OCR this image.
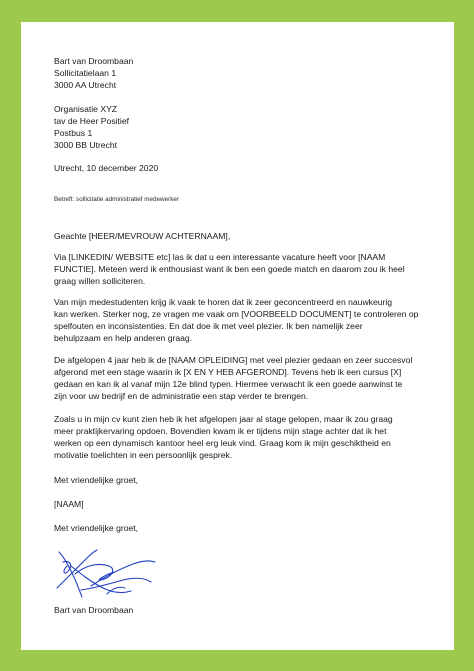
Bart van Droombaan
Sollicitatielaan 1
3000 AA Utrecht
Organisatie XYZ
tav de Heer Positief
Postbus 1
3000 BB Utrecht
Utrecht, 10 december 2020
Betreft: sollicitatie administratief medewerker
Geachte [HEER/MEVROUW ACHTERNAAM],
Via [LINKEDIN/ WEBSITE etc] las ik dat u een interessante vacature heeft voor [NAAM
FUNCTIE]. Meteen werd ik enthousiast want ik ben een goede match en daarom zou ik heel
graag willen solliciteren.
Van mijn medestudenten krijg ik vaak te horen dat ik zeer geconcentreerd en nauwkeurig
kan werken. Sterker nog, ze vragen me vaak om [VOORBEELD DOCUMENT] te controleren op
spelfouten en inconsistenties. En dat doe ik met veel plezier. Ik ben namelijk zeer
behulpzaam en help anderen graag.
De afgelopen 4 jaar heb ik de [NAAM OPLEIDING] met veel plezier gedaan en zeer succesvol
afgerond met een stage waarin ik [X EN Y HEB AFGEROND]. Tevens heb ik een cursus [X]
gedaan en kan ik al vanaf mijn 12e blind typen. Hiermee verwacht ik een goede aanwinst te
zijn voor uw bedrijf en de administratie een stap verder te brengen.
Zoals u in mijn cv kunt zien heb ik het afgelopen jaar al stage gelopen, maar ik zou graag
meer praktijkervaring opdoen. Bovendien kwam ik er tijdens mijn stage achter dat ik het
werken op een dynamisch kantoor heel erg leuk vind. Graag kom ik mijn geschiktheid en
motivatie toelichten in een persoonlijk gesprek.
Met vriendelijke groet,
[NAAM]
Met vriendelijke groet,
Bart van Droombaan
